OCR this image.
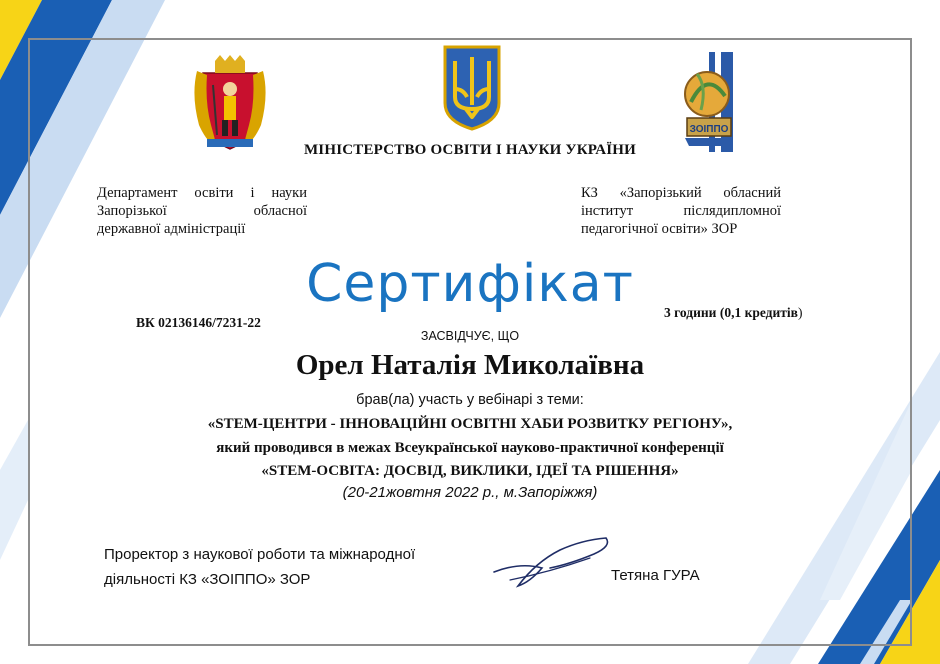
ЗОІППО
МІНІСТЕРСТВО ОСВІТИ І НАУКИ УКРАЇНИ
Департамент освіти і науки
Запорізької обласної
державної адміністрації
КЗ «Запорізький обласний
інститут післядипломної
педагогічної освіти» ЗОР
Сертифікат
ВК 02136146/7231-22
3 години (0,1 кредитів)
ЗАСВІДЧУЄ, ЩО
Орел Наталія Миколаївна
брав(ла) участь у вебінарі з теми:
«STEM-ЦЕНТРИ - ІННОВАЦІЙНІ ОСВІТНІ ХАБИ РОЗВИТКУ РЕГІОНУ»,
який проводився в межах Всеукраїнської науково-практичної конференції
«STEM-ОСВІТА: ДОСВІД, ВИКЛИКИ, ІДЕЇ ТА РІШЕННЯ»
(20-21жовтня 2022 р., м.Запоріжжя)
Проректор з наукової роботи та міжнародної
діяльності КЗ «ЗОІППО» ЗОР	Тетяна ГУРА
